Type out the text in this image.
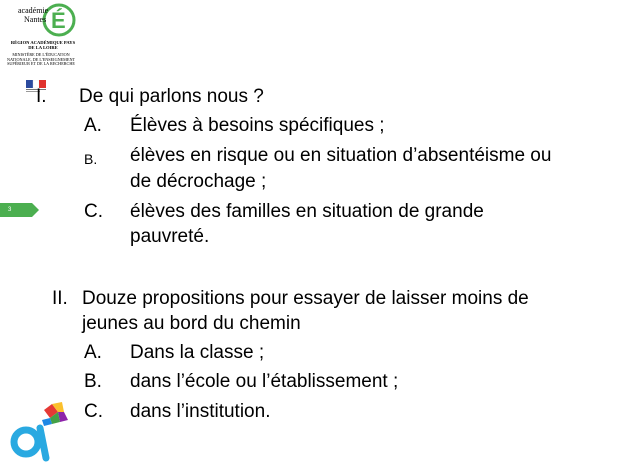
É
académie
Nantes
RÉGION ACADÉMIQUE PAYS DE LA LOIRE
MINISTÈRE DE L'ÉDUCATION NATIONALE, DE L'ENSEIGNEMENT SUPÉRIEUR ET DE LA RECHERCHE
3
I. De qui parlons nous ?
A. Élèves à besoins spécifiques ;
B. élèves en risque ou en situation d’absentéisme ou
de décrochage ;
C. élèves des familles en situation de grande
pauvreté.
II. Douze propositions pour essayer de laisser moins de
jeunes au bord du chemin
A. Dans la classe ;
B. dans l’école ou l’établissement ;
C. dans l’institution.
